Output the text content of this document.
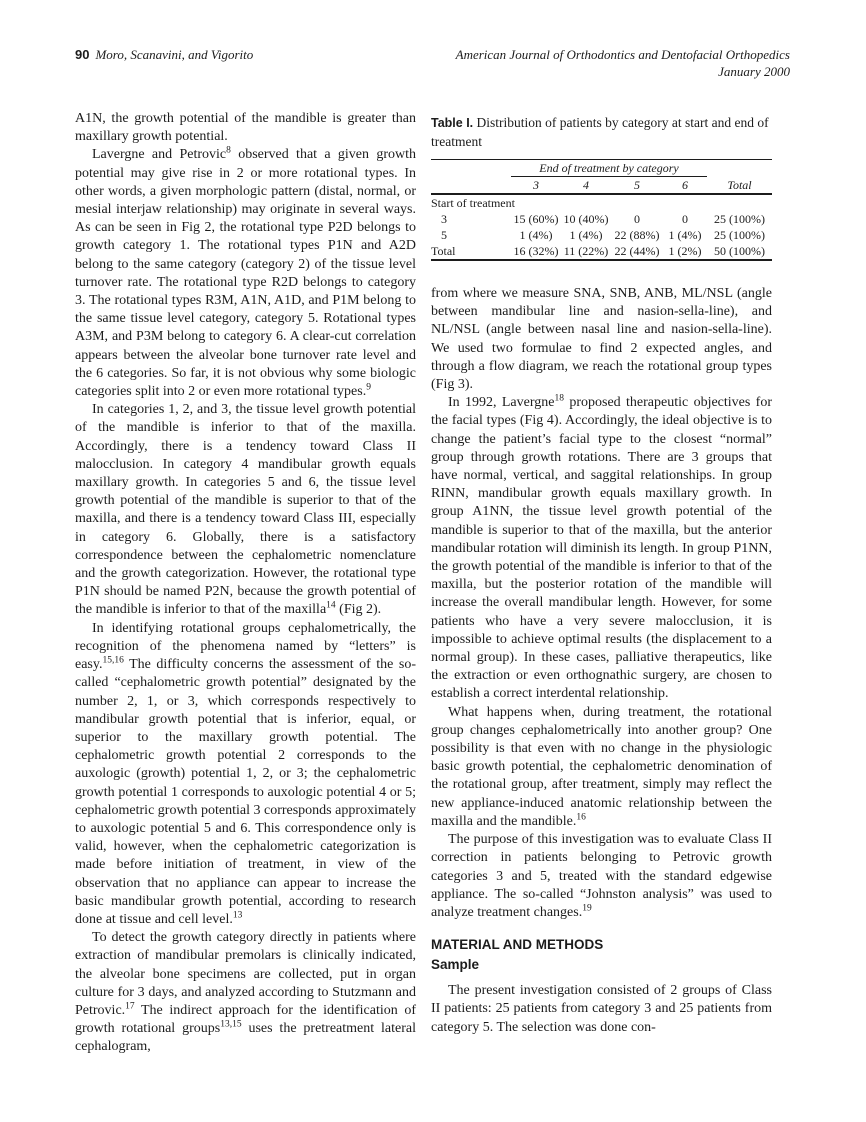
90 Moro, Scanavini, and Vigorito	American Journal of Orthodontics and Dentofacial Orthopedics
January 2000

A1N, the growth potential of the mandible is greater than maxillary growth potential.

Lavergne and Petrovic$^8$ observed that a given growth potential may give rise in 2 or more rotational types. In other words, a given morphologic pattern (distal, normal, or mesial interjaw relationship) may originate in several ways. As can be seen in Fig 2, the rotational type P2D belongs to growth category 1. The rotational types P1N and A2D belong to the same category (category 2) of the tissue level turnover rate. The rotational type R2D belongs to category 3. The rotational types R3M, A1N, A1D, and P1M belong to the same tissue level category, category 5. Rotational types A3M, and P3M belong to category 6. A clear-cut correlation appears between the alveolar bone turnover rate level and the 6 categories. So far, it is not obvious why some biologic categories split into 2 or even more rotational types.$^9$

In categories 1, 2, and 3, the tissue level growth potential of the mandible is inferior to that of the maxilla. Accordingly, there is a tendency toward Class II malocclusion. In category 4 mandibular growth equals maxillary growth. In categories 5 and 6, the tissue level growth potential of the mandible is superior to that of the maxilla, and there is a tendency toward Class III, especially in category 6. Globally, there is a satisfactory correspondence between the cephalometric nomenclature and the growth categorization. However, the rotational type P1N should be named P2N, because the growth potential of the mandible is inferior to that of the maxilla$^{14}$ (Fig 2).

In identifying rotational groups cephalometrically, the recognition of the phenomena named by “letters” is easy.$^{15,16}$ The difficulty concerns the assessment of the so-called “cephalometric growth potential” designated by the number 2, 1, or 3, which corresponds respectively to mandibular growth potential that is inferior, equal, or superior to the maxillary growth potential. The cephalometric growth potential 2 corresponds to the auxologic (growth) potential 1, 2, or 3; the cephalometric growth potential 1 corresponds to auxologic potential 4 or 5; cephalometric growth potential 3 corresponds approximately to auxologic potential 5 and 6. This correspondence only is valid, however, when the cephalometric categorization is made before initiation of treatment, in view of the observation that no appliance can appear to increase the basic mandibular growth potential, according to research done at tissue and cell level.$^{13}$

To detect the growth category directly in patients where extraction of mandibular premolars is clinically indicated, the alveolar bone specimens are collected, put in organ culture for 3 days, and analyzed according to Stutzmann and Petrovic.$^{17}$ The indirect approach for the identification of growth rotational groups$^{13,15}$ uses the pretreatment lateral cephalogram,

Table I. Distribution of patients by category at start and end of treatment

	End of treatment by category				
	3	4	5	6	Total
Start of treatment					
3	15 (60%)	10 (40%)	0	0	25 (100%)
5	1 (4%)	1 (4%)	22 (88%)	1 (4%)	25 (100%)
Total	16 (32%)	11 (22%)	22 (44%)	1 (2%)	50 (100%)

from where we measure SNA, SNB, ANB, ML/NSL (angle between mandibular line and nasion-sella-line), and NL/NSL (angle between nasal line and nasion-sella-line). We used two formulae to find 2 expected angles, and through a flow diagram, we reach the rotational group types (Fig 3).

In 1992, Lavergne$^{18}$ proposed therapeutic objectives for the facial types (Fig 4). Accordingly, the ideal objective is to change the patient’s facial type to the closest “normal” group through growth rotations. There are 3 groups that have normal, vertical, and saggital relationships. In group RINN, mandibular growth equals maxillary growth. In group A1NN, the tissue level growth potential of the mandible is superior to that of the maxilla, but the anterior mandibular rotation will diminish its length. In group P1NN, the growth potential of the mandible is inferior to that of the maxilla, but the posterior rotation of the mandible will increase the overall mandibular length. However, for some patients who have a very severe malocclusion, it is impossible to achieve optimal results (the displacement to a normal group). In these cases, palliative therapeutics, like the extraction or even orthognathic surgery, are chosen to establish a correct interdental relationship.

What happens when, during treatment, the rotational group changes cephalometrically into another group? One possibility is that even with no change in the physiologic basic growth potential, the cephalometric denomination of the rotational group, after treatment, simply may reflect the new appliance-induced anatomic relationship between the maxilla and the mandible.$^{16}$

The purpose of this investigation was to evaluate Class II correction in patients belonging to Petrovic growth categories 3 and 5, treated with the standard edgewise appliance. The so-called “Johnston analysis” was used to analyze treatment changes.$^{19}$

MATERIAL AND METHODS

Sample

The present investigation consisted of 2 groups of Class II patients: 25 patients from category 3 and 25 patients from category 5. The selection was done con-
